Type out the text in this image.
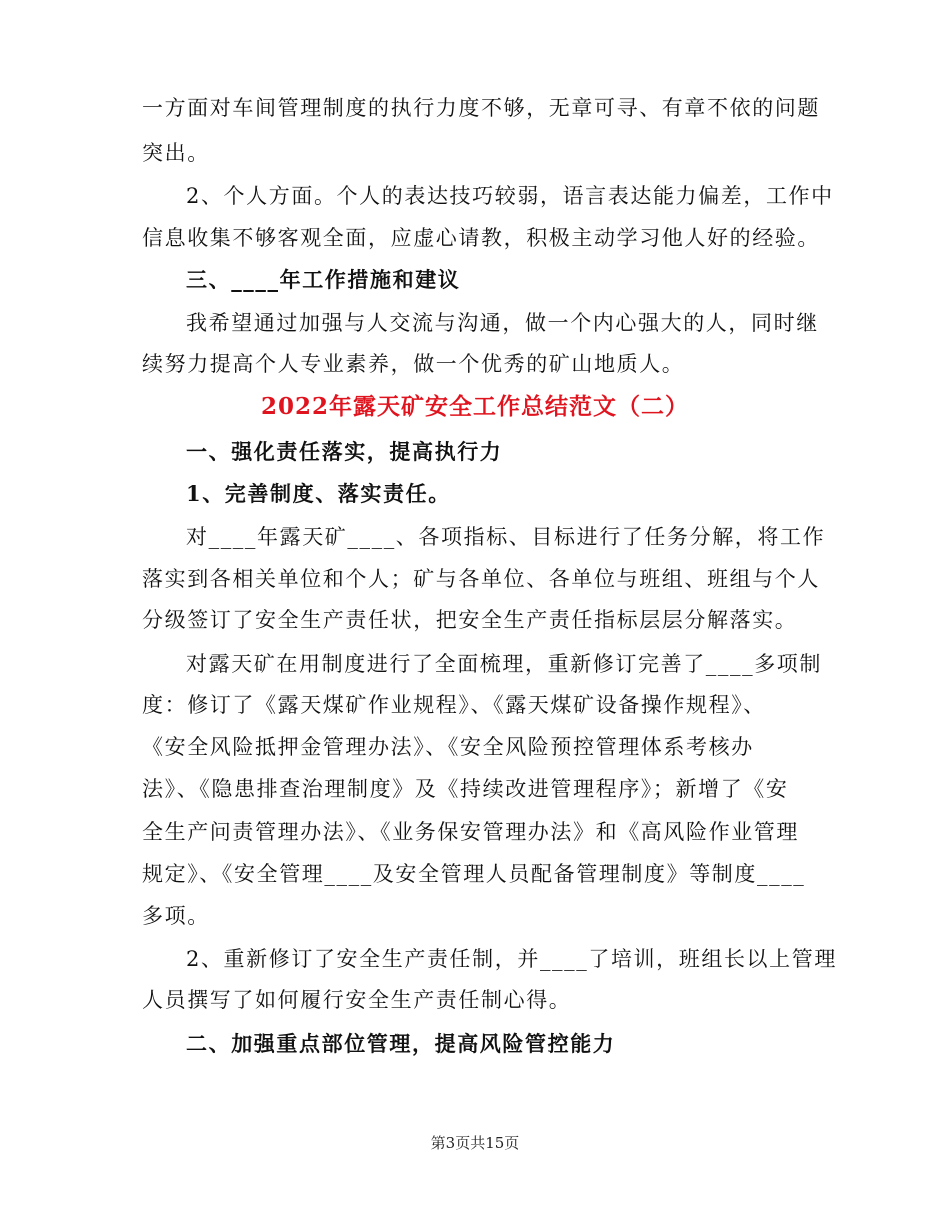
一方面对车间管理制度的执行力度不够，无章可寻、有章不依的问题
突出。
2、个人方面。个人的表达技巧较弱，语言表达能力偏差，工作中
信息收集不够客观全面，应虚心请教，积极主动学习他人好的经验。
三、____年工作措施和建议
我希望通过加强与人交流与沟通，做一个内心强大的人，同时继
续努力提高个人专业素养，做一个优秀的矿山地质人。
2022年露天矿安全工作总结范文（二）
一、强化责任落实，提高执行力
1、完善制度、落实责任。
对____年露天矿____、各项指标、目标进行了任务分解，将工作
落实到各相关单位和个人；矿与各单位、各单位与班组、班组与个人
分级签订了安全生产责任状，把安全生产责任指标层层分解落实。
对露天矿在用制度进行了全面梳理，重新修订完善了____多项制
度：修订了《露天煤矿作业规程》、《露天煤矿设备操作规程》、
《安全风险抵押金管理办法》、《安全风险预控管理体系考核办
法》、《隐患排查治理制度》及《持续改进管理程序》；新增了《安
全生产问责管理办法》、《业务保安管理办法》和《高风险作业管理
规定》、《安全管理____及安全管理人员配备管理制度》等制度____
多项。
2、重新修订了安全生产责任制，并____了培训，班组长以上管理
人员撰写了如何履行安全生产责任制心得。
二、加强重点部位管理，提高风险管控能力
第3页共15页
